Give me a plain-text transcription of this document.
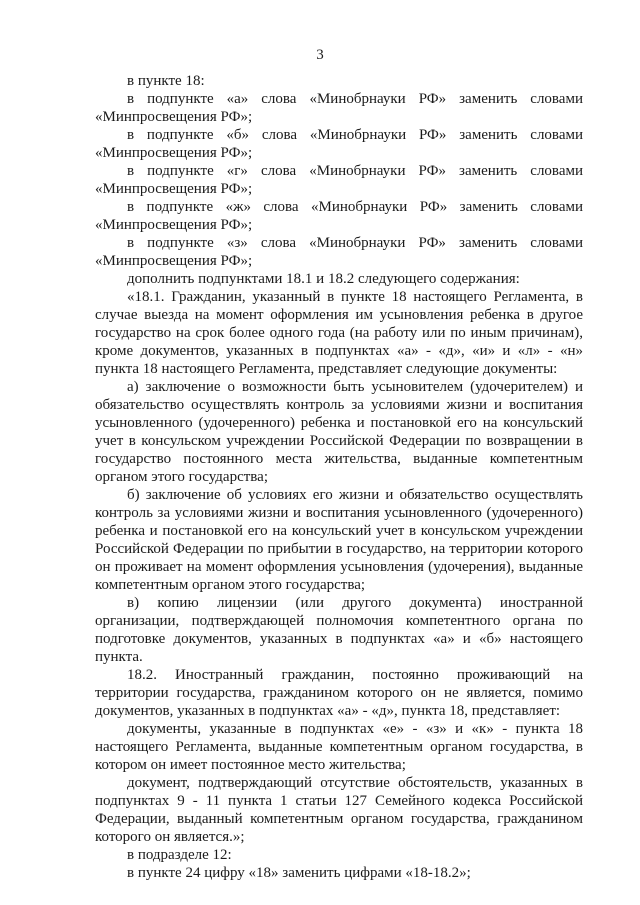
3

в пункте 18:

в подпункте «а» слова «Минобрнауки РФ» заменить словами «Минпросвещения РФ»;

в подпункте «б» слова «Минобрнауки РФ» заменить словами «Минпросвещения РФ»;

в подпункте «г» слова «Минобрнауки РФ» заменить словами «Минпросвещения РФ»;

в подпункте «ж» слова «Минобрнауки РФ» заменить словами «Минпросвещения РФ»;

в подпункте «з» слова «Минобрнауки РФ» заменить словами «Минпросвещения РФ»;

дополнить подпунктами 18.1 и 18.2 следующего содержания:

«18.1. Гражданин, указанный в пункте 18 настоящего Регламента, в случае выезда на момент оформления им усыновления ребенка в другое государство на срок более одного года (на работу или по иным причинам), кроме документов, указанных в подпунктах «а» - «д», «и» и «л» - «н» пункта 18 настоящего Регламента, представляет следующие документы:

а) заключение о возможности быть усыновителем (удочерителем) и обязательство осуществлять контроль за условиями жизни и воспитания усыновленного (удочеренного) ребенка и постановкой его на консульский учет в консульском учреждении Российской Федерации по возвращении в государство постоянного места жительства, выданные компетентным органом этого государства;

б) заключение об условиях его жизни и обязательство осуществлять контроль за условиями жизни и воспитания усыновленного (удочеренного) ребенка и постановкой его на консульский учет в консульском учреждении Российской Федерации по прибытии в государство, на территории которого он проживает на момент оформления усыновления (удочерения), выданные компетентным органом этого государства;

в) копию лицензии (или другого документа) иностранной организации, подтверждающей полномочия компетентного органа по подготовке документов, указанных в подпунктах «а» и «б» настоящего пункта.

18.2. Иностранный гражданин, постоянно проживающий на территории государства, гражданином которого он не является, помимо документов, указанных в подпунктах «а» - «д», пункта 18, представляет:

документы, указанные в подпунктах «е» - «з» и «к» - пункта 18 настоящего Регламента, выданные компетентным органом государства, в котором он имеет постоянное место жительства;

документ, подтверждающий отсутствие обстоятельств, указанных в подпунктах 9 - 11 пункта 1 статьи 127 Семейного кодекса Российской Федерации, выданный компетентным органом государства, гражданином которого он является.»;

в подразделе 12:

в пункте 24 цифру «18» заменить цифрами «18-18.2»;
